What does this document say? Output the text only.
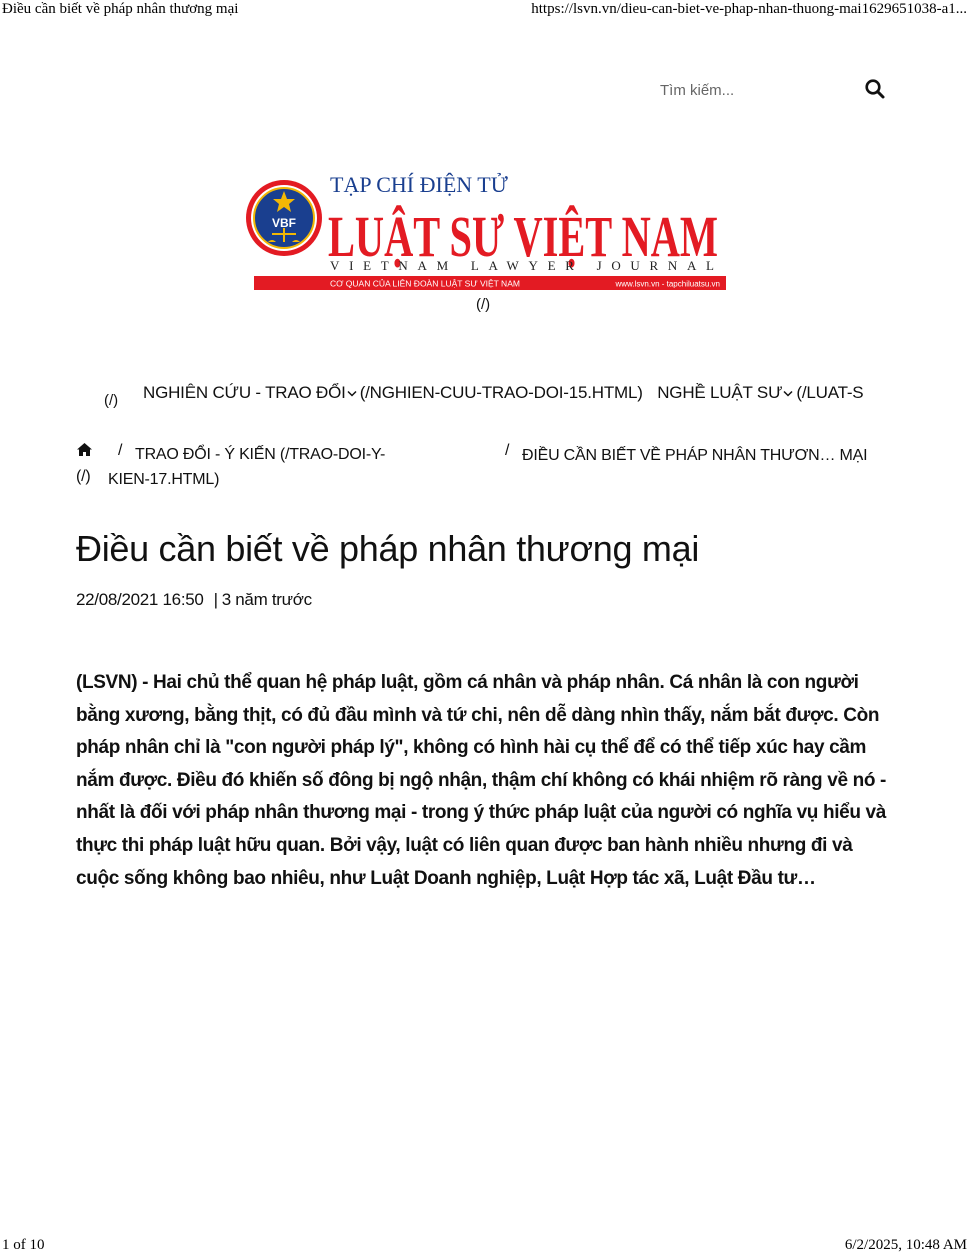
Điều cần biết về pháp nhân thương mại	https://lsvn.vn/dieu-can-biet-ve-phap-nhan-thuong-mai1629651038-a1...
Tìm kiếm...
VBF
TẠP CHÍ ĐIỆN TỬ
LUẬT SƯ VIỆT NAM
VIETNAM LAWYER JOURNAL
CƠ QUAN CỦA LIÊN ĐOÀN LUẬT SƯ VIỆT NAM	www.lsvn.vn - tapchiluatsu.vn
(/)
(/) NGHIÊN CỨU - TRAO ĐỔI (/NGHIEN-CUU-TRAO-DOI-15.HTML) NGHỀ LUẬT SƯ (/LUAT-S
(/)
/ TRAO ĐỔI - Ý KIẾN (/TRAO-DOI-Y-KIEN-17.HTML)
/ ĐIỀU CẦN BIẾT VỀ PHÁP NHÂN THƯƠN… MẠI
Điều cần biết về pháp nhân thương mại
22/08/2021 16:50 | 3 năm trước

(LSVN) - Hai chủ thể quan hệ pháp luật, gồm cá nhân và pháp nhân. Cá nhân là con người bằng xương, bằng thịt, có đủ đầu mình và tứ chi, nên dễ dàng nhìn thấy, nắm bắt được. Còn pháp nhân chỉ là "con người pháp lý", không có hình hài cụ thể để có thể tiếp xúc hay cầm nắm được. Điều đó khiến số đông bị ngộ nhận, thậm chí không có khái nhiệm rõ ràng về nó - nhất là đối với pháp nhân thương mại - trong ý thức pháp luật của người có nghĩa vụ hiểu và thực thi pháp luật hữu quan. Bởi vậy, luật có liên quan được ban hành nhiều nhưng đi và cuộc sống không bao nhiêu, như Luật Doanh nghiệp, Luật Hợp tác xã, Luật Đầu tư…

1 of 10	6/2/2025, 10:48 AM
